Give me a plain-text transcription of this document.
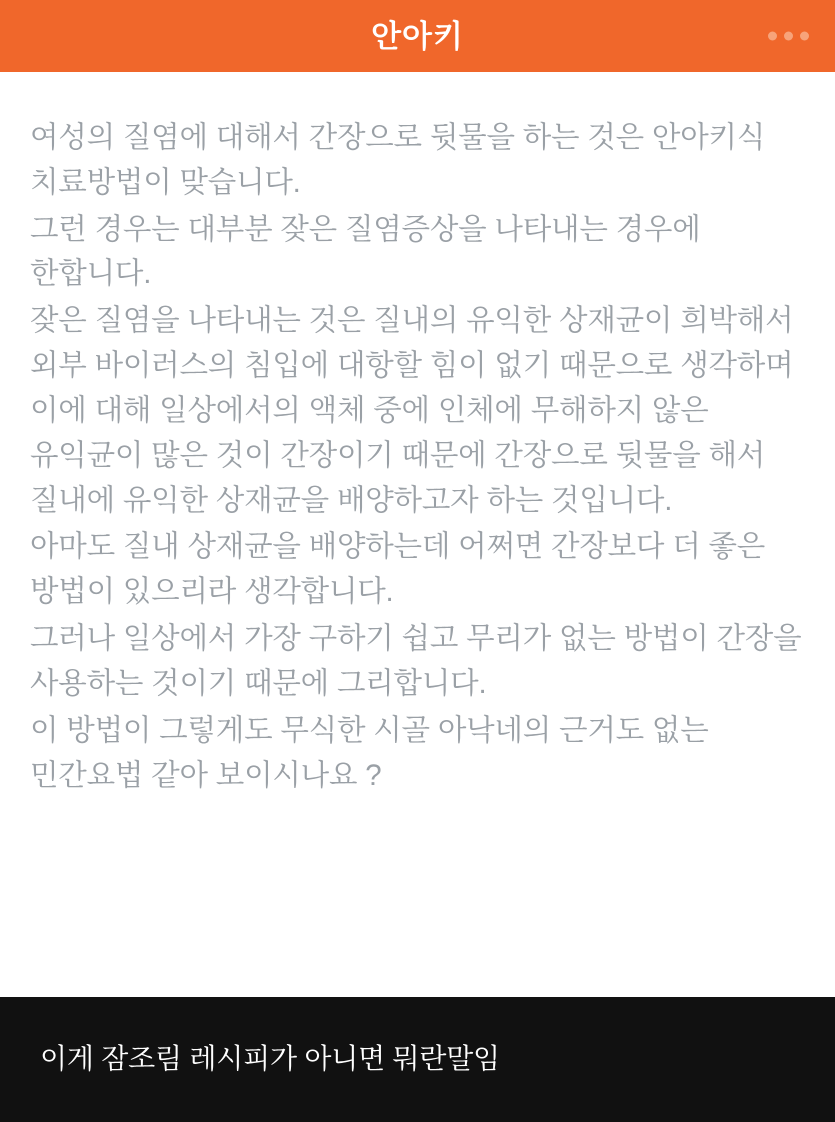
안아키

여성의 질염에 대해서 간장으로 뒷물을 하는 것은 안아키식 치료방법이 맞습니다.

그런 경우는 대부분 잦은 질염증상을 나타내는 경우에 한합니다.

잦은 질염을 나타내는 것은 질내의 유익한 상재균이 희박해서 외부 바이러스의 침입에 대항할 힘이 없기 때문으로 생각하며 이에 대해 일상에서의 액체 중에 인체에 무해하지 않은 유익균이 많은 것이 간장이기 때문에 간장으로 뒷물을 해서 질내에 유익한 상재균을 배양하고자 하는 것입니다.

아마도 질내 상재균을 배양하는데 어쩌면 간장보다 더 좋은 방법이 있으리라 생각합니다.

그러나 일상에서 가장 구하기 쉽고 무리가 없는 방법이 간장을 사용하는 것이기 때문에 그리합니다.

이 방법이 그렇게도 무식한 시골 아낙네의 근거도 없는 민간요법 같아 보이시나요 ?

이게 잠조림 레시피가 아니면 뭐란말임
